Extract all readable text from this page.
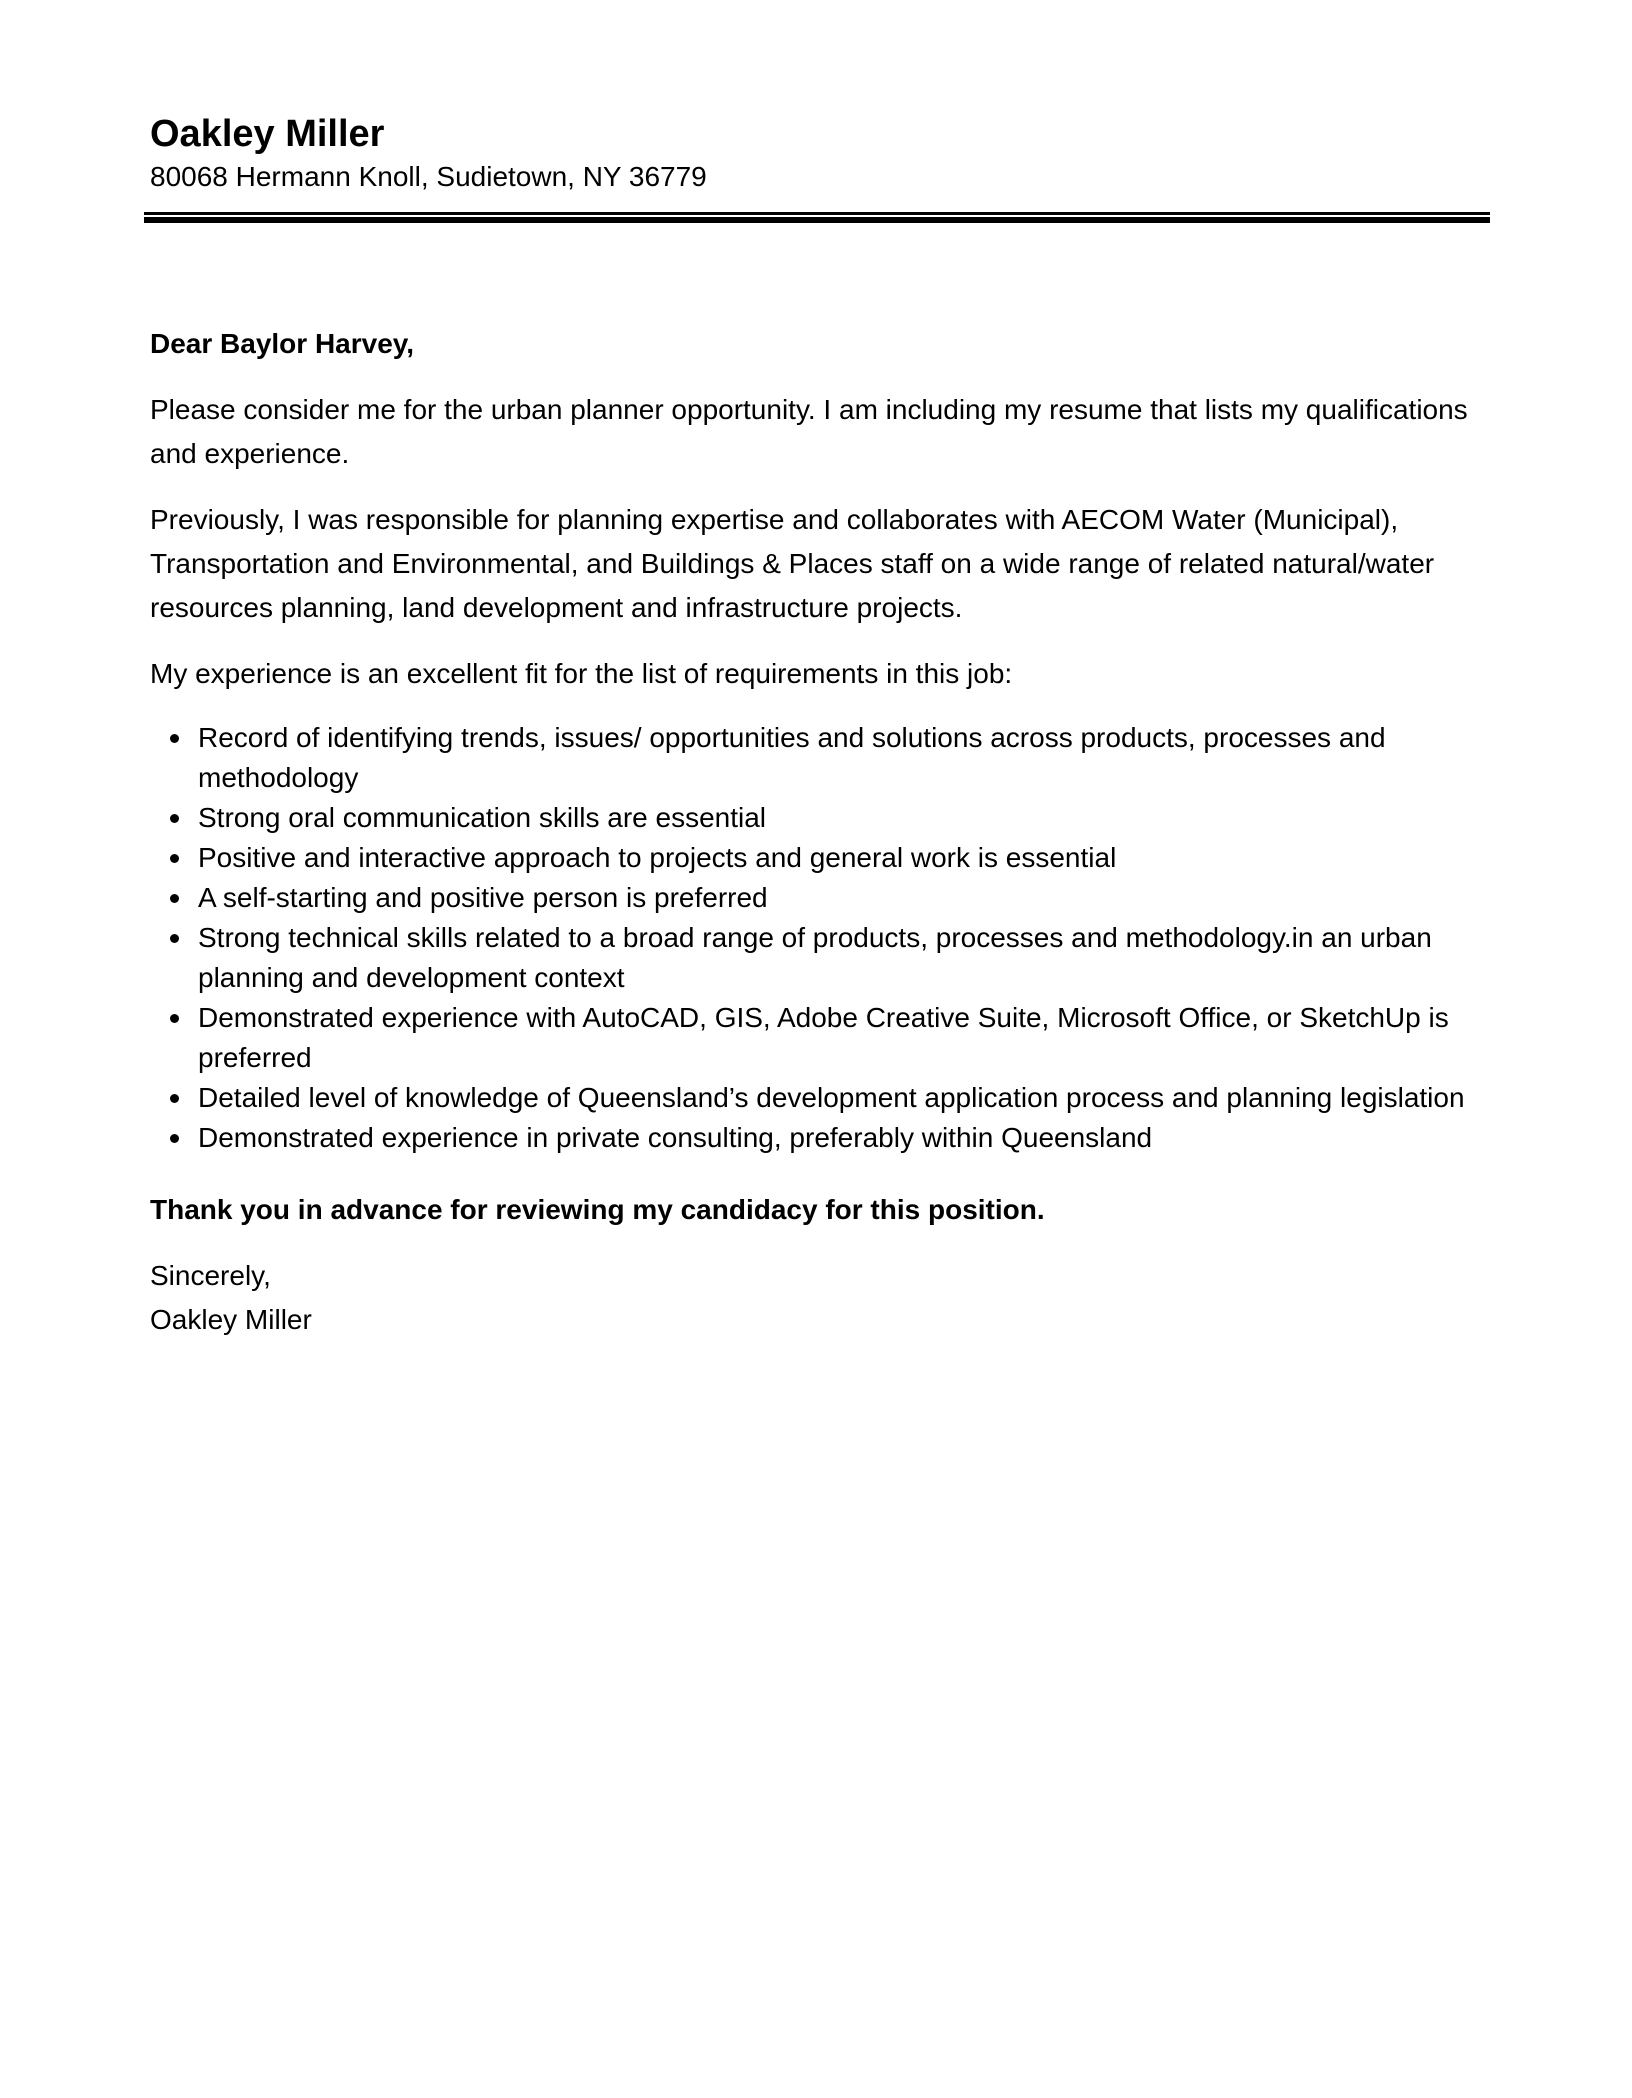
Oakley Miller

80068 Hermann Knoll, Sudietown, NY 36779

Dear Baylor Harvey,

Please consider me for the urban planner opportunity. I am including my resume that lists my qualifications and experience.

Previously, I was responsible for planning expertise and collaborates with AECOM Water (Municipal), Transportation and Environmental, and Buildings & Places staff on a wide range of related natural/water resources planning, land development and infrastructure projects.

My experience is an excellent fit for the list of requirements in this job:

Record of identifying trends, issues/ opportunities and solutions across products, processes and methodology
Strong oral communication skills are essential
Positive and interactive approach to projects and general work is essential
A self-starting and positive person is preferred
Strong technical skills related to a broad range of products, processes and methodology.in an urban planning and development context
Demonstrated experience with AutoCAD, GIS, Adobe Creative Suite, Microsoft Office, or SketchUp is preferred
Detailed level of knowledge of Queensland’s development application process and planning legislation
Demonstrated experience in private consulting, preferably within Queensland

Thank you in advance for reviewing my candidacy for this position.

Sincerely,
Oakley Miller
